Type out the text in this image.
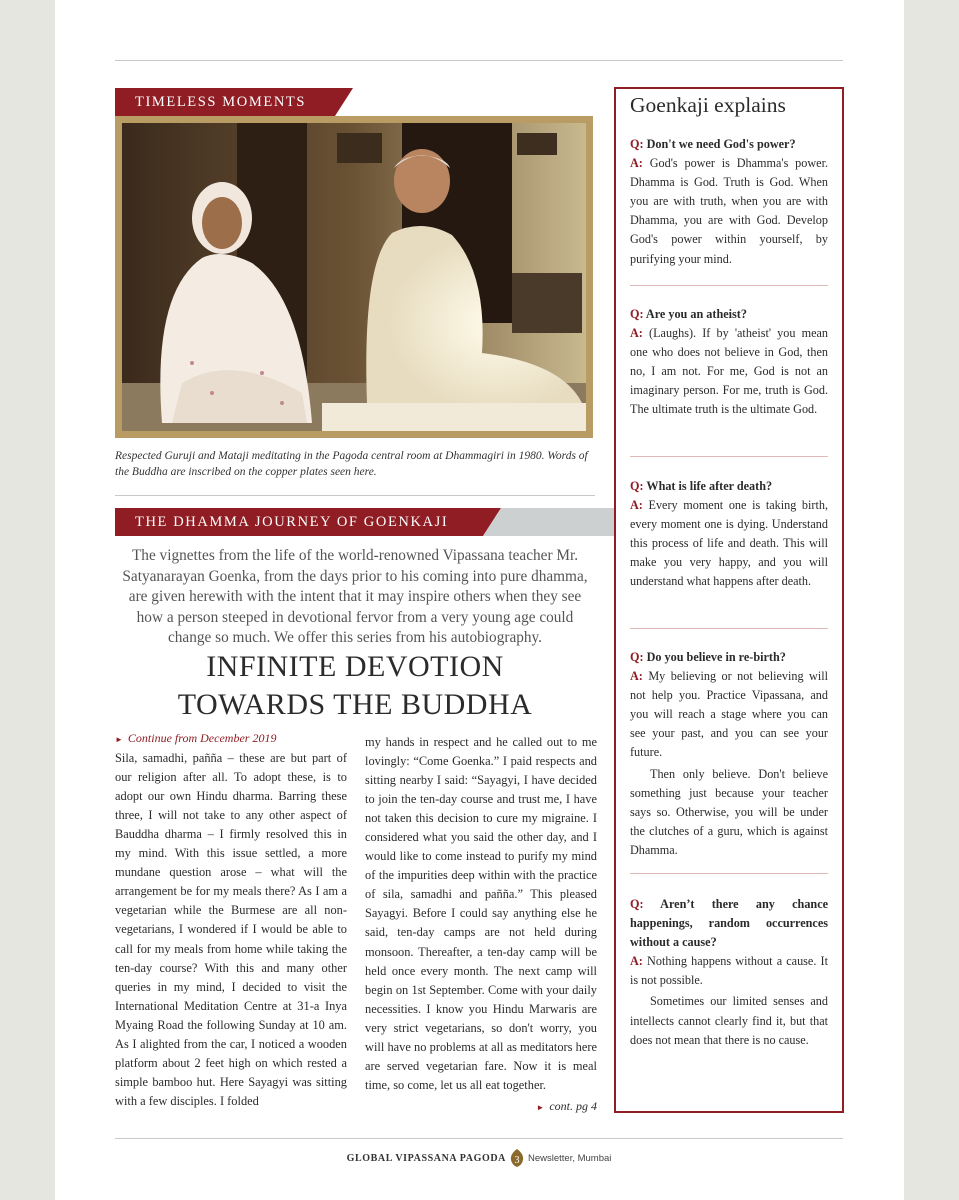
TIMELESS MOMENTS
Respected Guruji and Mataji meditating in the Pagoda central room at Dhammagiri in 1980. Words of the Buddha are inscribed on the copper plates seen here.
THE DHAMMA JOURNEY OF GOENKAJI
The vignettes from the life of the world-renowned Vipassana teacher Mr. Satyanarayan Goenka, from the days prior to his coming into pure dhamma, are given herewith with the intent that it may inspire others when they see how a person steeped in devotional fervor from a very young age could change so much. We offer this series from his autobiography.
INFINITE DEVOTION
TOWARDS THE BUDDHA
► Continue from December 2019

Sila, samadhi, pañña – these are but part of our religion after all. To adopt these, is to adopt our own Hindu dharma. Barring these three, I will not take to any other aspect of Bauddha dharma – I firmly resolved this in my mind. With this issue settled, a more mundane question arose – what will the arrangement be for my meals there? As I am a vegetarian while the Burmese are all non-vegetarians, I wondered if I would be able to call for my meals from home while taking the ten-day course? With this and many other queries in my mind, I decided to visit the International Meditation Centre at 31-a Inya Myaing Road the following Sunday at 10 am. As I alighted from the car, I noticed a wooden platform about 2 feet high on which rested a simple bamboo hut. Here Sayagyi was sitting with a few disciples. I folded

my hands in respect and he called out to me lovingly: “Come Goenka.” I paid respects and sitting nearby I said: “Sayagyi, I have decided to join the ten-day course and trust me, I have not taken this decision to cure my migraine. I considered what you said the other day, and I would like to come instead to purify my mind of the impurities deep within with the practice of sila, samadhi and pañña.” This pleased Sayagyi. Before I could say anything else he said, ten-day camps are not held during monsoon. Thereafter, a ten-day camp will be held once every month. The next camp will begin on 1st September. Come with your daily necessities. I know you Hindu Marwaris are very strict vegetarians, so don't worry, you will have no problems at all as meditators here are served vegetarian fare. Now it is meal time, so come, let us all eat together.

► cont. pg 4
Goenkaji explains

Q: Don't we need God's power?

A: God's power is Dhamma's power. Dhamma is God. Truth is God. When you are with truth, when you are with Dhamma, you are with God. Develop God's power within yourself, by purifying your mind.

Q: Are you an atheist?

A: (Laughs). If by 'atheist' you mean one who does not believe in God, then no, I am not. For me, God is not an imaginary person. For me, truth is God. The ultimate truth is the ultimate God.

Q: What is life after death?

A: Every moment one is taking birth, every moment one is dying. Understand this process of life and death. This will make you very happy, and you will understand what happens after death.

Q: Do you believe in re-birth?

A: My believing or not believing will not help you. Practice Vipassana, and you will reach a stage where you can see your past, and you can see your future.

Then only believe. Don't believe something just because your teacher says so. Otherwise, you will be under the clutches of a guru, which is against Dhamma.

Q: Aren’t there any chance happenings, random occurrences without a cause?

A: Nothing happens without a cause. It is not possible.

Sometimes our limited senses and intellects cannot clearly find it, but that does not mean that there is no cause.

GLOBAL VIPASSANA PAGODA 3 Newsletter, Mumbai
